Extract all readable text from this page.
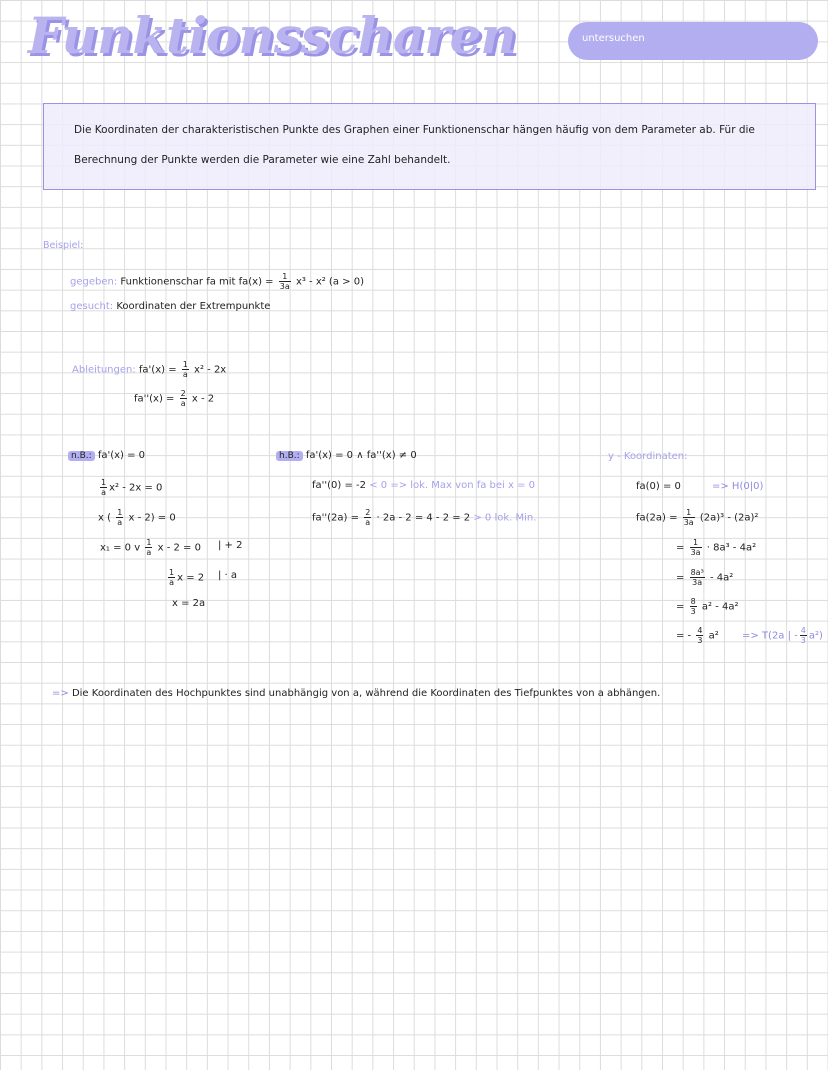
Funktionsscharen	untersuchen
Die Koordinaten der charakteristischen Punkte des Graphen einer Funktionenschar hängen häufig von dem Parameter ab. Für die
Berechnung der Punkte werden die Parameter wie eine Zahl behandelt.
Beispiel:
gegeben: Funktionenschar fa mit $fa(x) = \frac{1}{3a} x^3 - x^2$ (a > 0)
gesucht: Koordinaten der Extrempunkte
Ableitungen: $fa'(x) = \frac{1}{a} x^2 - 2x$
$fa''(x) = \frac{2}{a}$ x - 2
n.B.: fa'(x) = 0
$\frac{1}{a} x^2 - 2x = 0$
x ( $\frac{1}{a}$ x - 2) = 0
x₁ = 0 v $\frac{1}{a}$ x - 2 = 0 | + 2
$\frac{1}{a}$ x = 2 | · a
x = 2a
h.B.: fa'(x) = 0 ∧ fa''(x) ≠ 0
fa''(0) = -2 < 0 => lok. Max von fa bei x = 0
$fa''(2a) = \frac{2}{a} \cdot 2a - 2 = 4 - 2 = 2 > 0$ lok. Min.
y - Koordinaten:
fa(0) = 0	=> H(0|0)
$fa(2a) = \frac{1}{3a} (2a)^3 - (2a)^2$
= $\frac{1}{3a} \cdot 8a^3 - 4a^2$
= $\frac{\text{8a³}}{3a} - 4a^2$
= $\frac{8}{3} a^2 - 4a^2$
= - $\frac{4}{3} a^2 => T(2a$ | - $\frac{4}{3} a^2$)
=> Die Koordinaten des Hochpunktes sind unabhängig von a, während die Koordinaten des Tiefpunktes von a abhängen.
